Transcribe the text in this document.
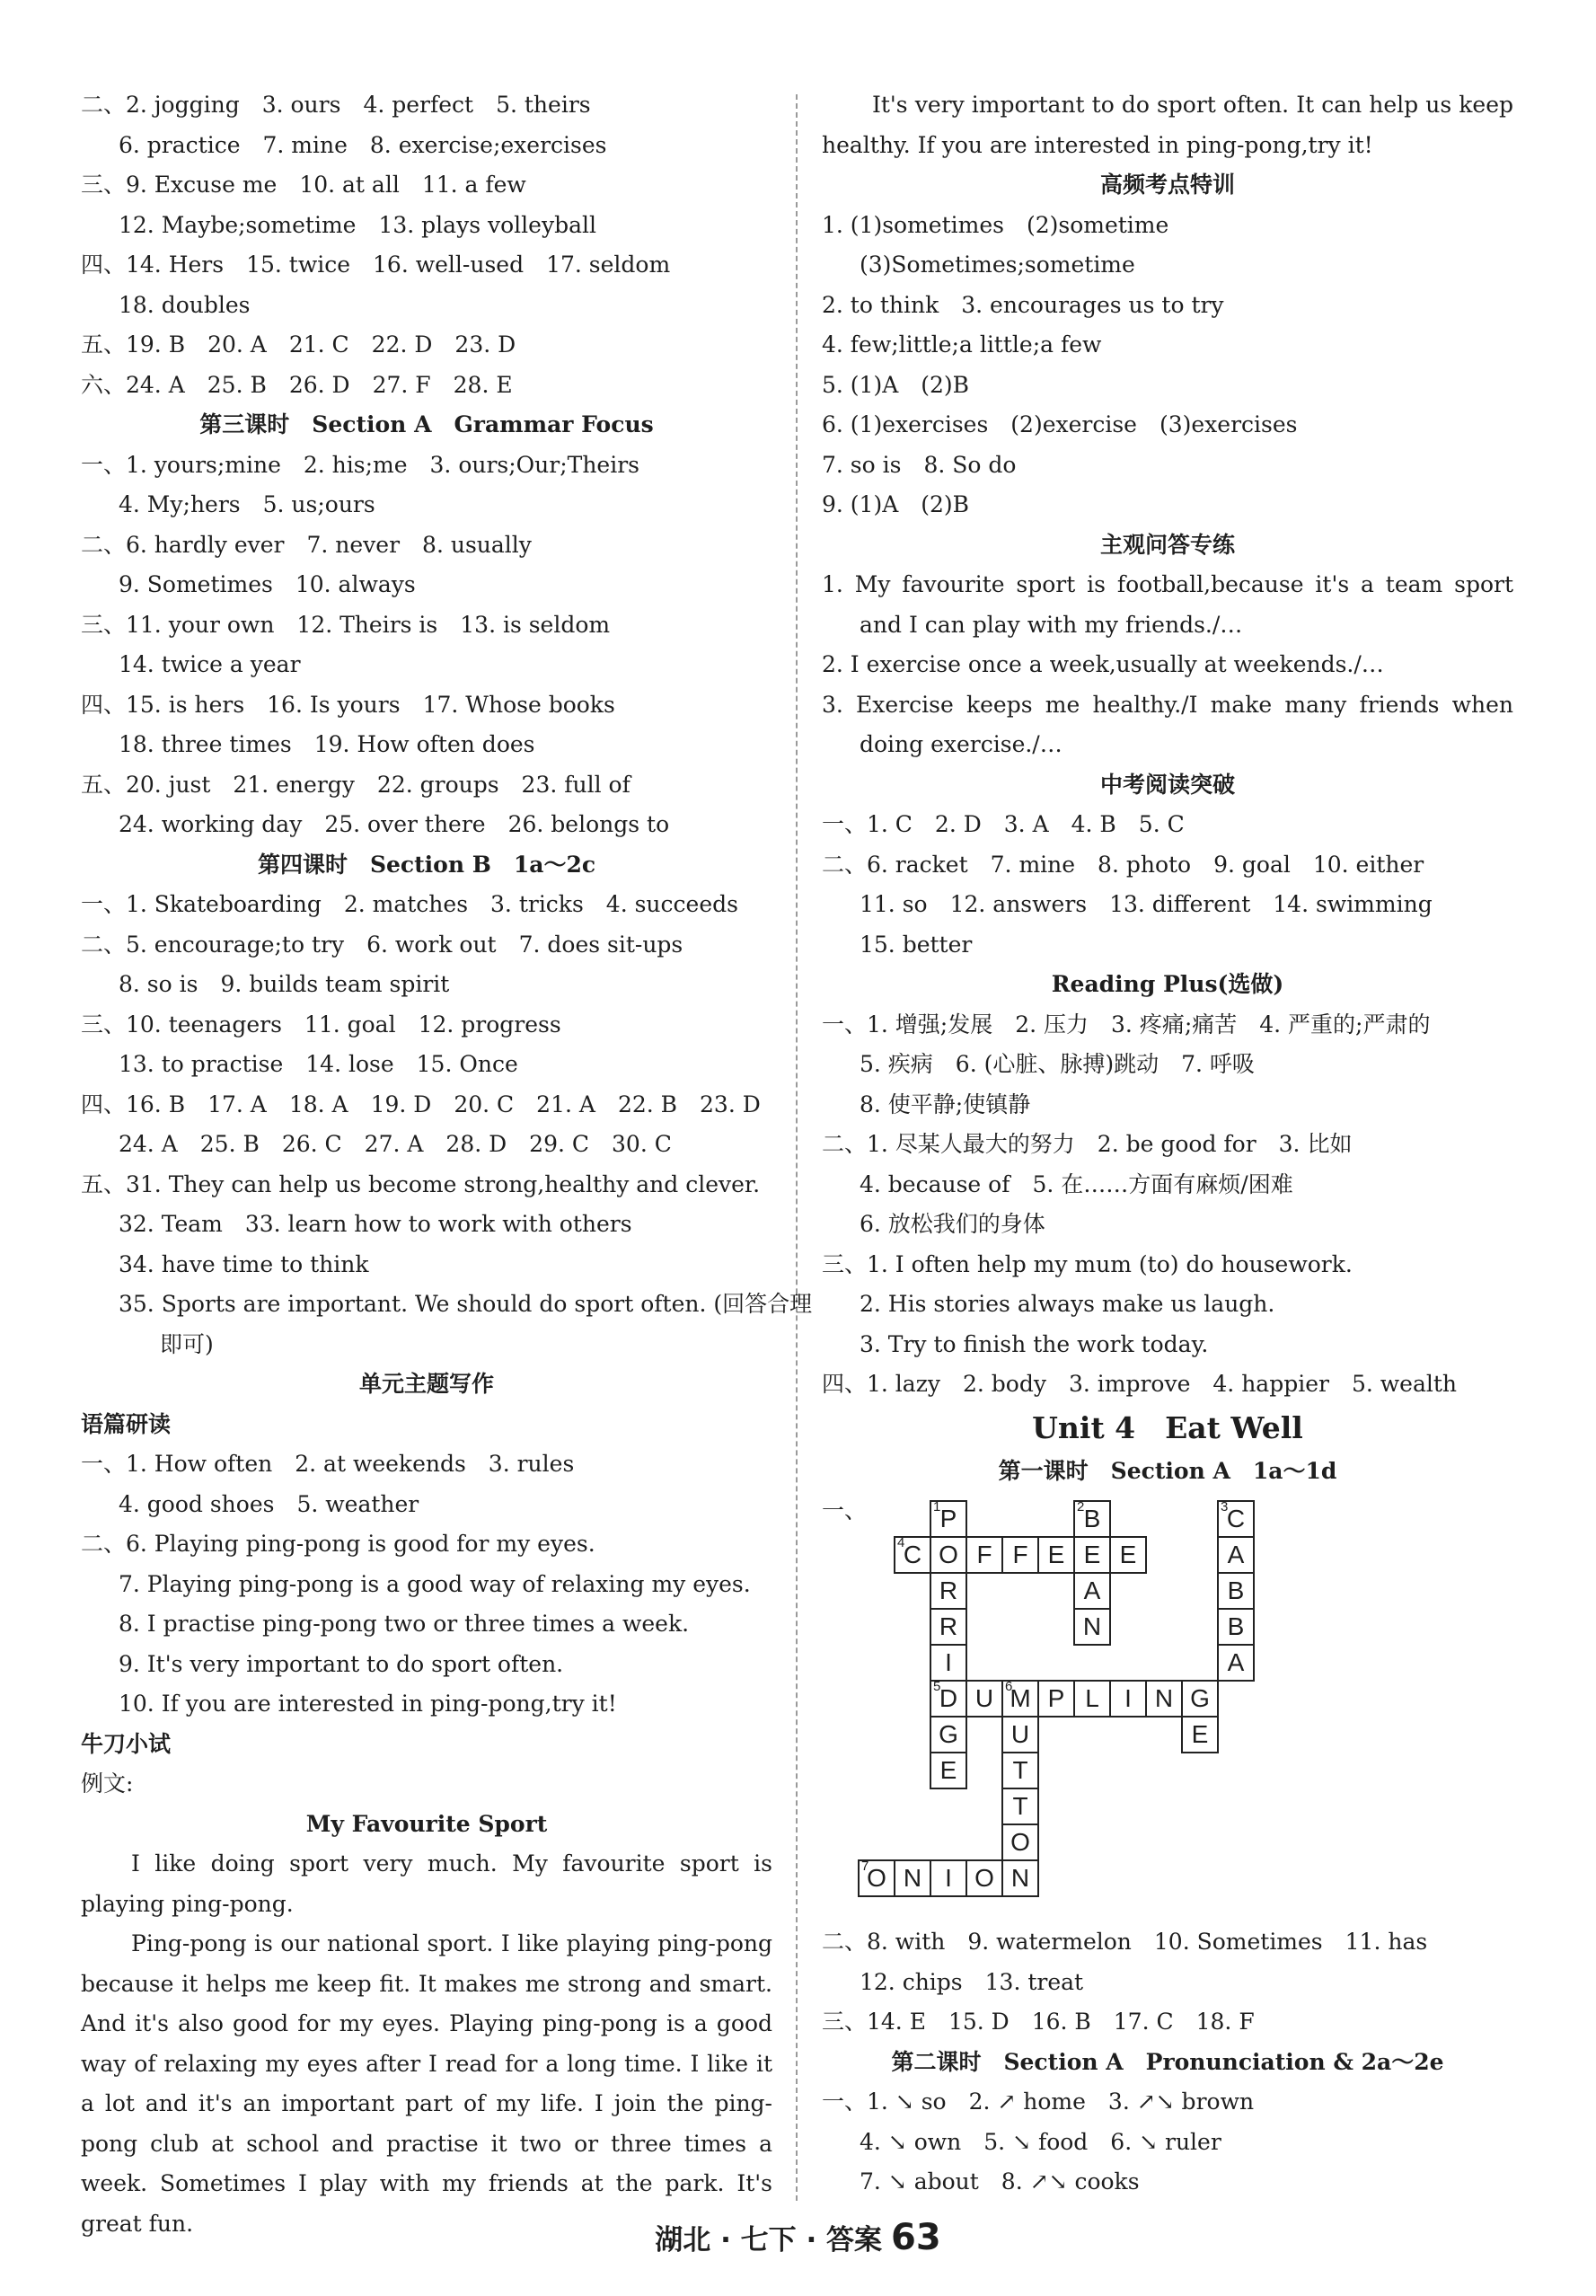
二、2. jogging　3. ours　4. perfect　5. theirs
6. practice　7. mine　8. exercise;exercises
三、9. Excuse me　10. at all　11. a few
12. Maybe;sometime　13. plays volleyball
四、14. Hers　15. twice　16. well-used　17. seldom
18. doubles
五、19. B　20. A　21. C　22. D　23. D
六、24. A　25. B　26. D　27. F　28. E
第三课时　Section A　Grammar Focus
一、1. yours;mine　2. his;me　3. ours;Our;Theirs
4. My;hers　5. us;ours
二、6. hardly ever　7. never　8. usually
9. Sometimes　10. always
三、11. your own　12. Theirs is　13. is seldom
14. twice a year
四、15. is hers　16. Is yours　17. Whose books
18. three times　19. How often does
五、20. just　21. energy　22. groups　23. full of
24. working day　25. over there　26. belongs to
第四课时　Section B　1a～2c
一、1. Skateboarding　2. matches　3. tricks　4. succeeds
二、5. encourage;to try　6. work out　7. does sit-ups
8. so is　9. builds team spirit
三、10. teenagers　11. goal　12. progress
13. to practise　14. lose　15. Once
四、16. B　17. A　18. A　19. D　20. C　21. A　22. B　23. D
24. A　25. B　26. C　27. A　28. D　29. C　30. C
五、31. They can help us become strong,healthy and clever.
32. Team　33. learn how to work with others
34. have time to think
35. Sports are important. We should do sport often. (回答合理
即可)
单元主题写作
语篇研读
一、1. How often　2. at weekends　3. rules
4. good shoes　5. weather
二、6. Playing ping-pong is good for my eyes.
7. Playing ping-pong is a good way of relaxing my eyes.
8. I practise ping-pong two or three times a week.
9. It's very important to do sport often.
10. If you are interested in ping-pong,try it!
牛刀小试
例文:
My Favourite Sport
I like doing sport very much. My favourite sport is playing ping-pong.
Ping-pong is our national sport. I like playing ping-pong because it helps me keep fit. It makes me strong and smart. And it's also good for my eyes. Playing ping-pong is a good way of relaxing my eyes after I read for a long time. I like it a lot and it's an important part of my life. I join the ping-pong club at school and practise it two or three times a week. Sometimes I play with my friends at the park. It's great fun.
It's very important to do sport often. It can help us keep healthy. If you are interested in ping-pong,try it!
高频考点特训
1. (1)sometimes　(2)sometime
(3)Sometimes;sometime
2. to think　3. encourages us to try
4. few;little;a little;a few
5. (1)A　(2)B
6. (1)exercises　(2)exercise　(3)exercises
7. so is　8. So do
9. (1)A　(2)B
主观问答专练
1. My favourite sport is football,because it's a team sport and I can play with my friends./…
2. I exercise once a week,usually at weekends./…
3. Exercise keeps me healthy./I make many friends when doing exercise./…
中考阅读突破
一、1. C　2. D　3. A　4. B　5. C
二、6. racket　7. mine　8. photo　9. goal　10. either
11. so　12. answers　13. different　14. swimming
15. better
Reading Plus(选做)
一、1. 增强;发展　2. 压力　3. 疼痛;痛苦　4. 严重的;严肃的
5. 疾病　6. (心脏、脉搏)跳动　7. 呼吸
8. 使平静;使镇静
二、1. 尽某人最大的努力　2. be good for　3. 比如
4. because of　5. 在……方面有麻烦/困难
6. 放松我们的身体
三、1. I often help my mum (to) do housework.
2. His stories always make us laugh.
3. Try to finish the work today.
四、1. lazy　2. body　3. improve　4. happier　5. wealth
Unit 4　Eat Well
第一课时　Section A　1a～1d
一、	1 P	2 B	3
C
4
C O F F E E E	A
R	A	B
R	N	B
I	A
5
D U 6
M P L	I N G
G	U	E
E	T
T
O
7
O N I O N
二、8. with　9. watermelon　10. Sometimes　11. has
12. chips　13. treat
三、14. E　15. D　16. B　17. C　18. F
第二课时　Section A　Pronunciation & 2a～2e
一、1. ↘ so　2. ↗ home　3. ↗↘ brown
4. ↘ own　5. ↘ food　6. ↘ ruler
7. ↘ about　8. ↗↘ cooks
湖北 · 七下 · 答案 63
